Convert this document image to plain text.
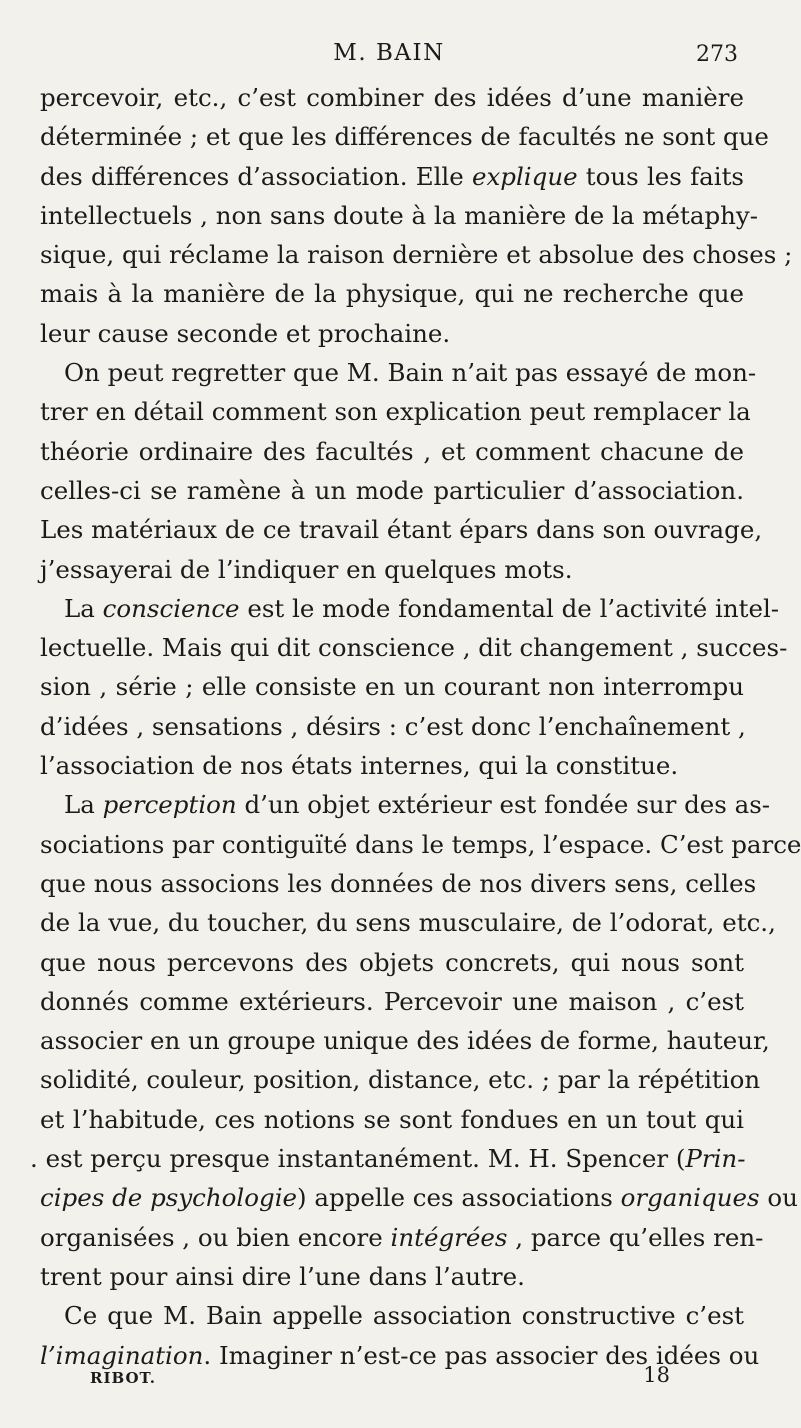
M. BAIN	273
percevoir, etc., c’est combiner des idées d’une manière
déterminée ; et que les différences de facultés ne sont que
des différences d’association. Elle explique tous les faits
intellectuels , non sans doute à la manière de la métaphy-
sique, qui réclame la raison dernière et absolue des choses ;
mais à la manière de la physique, qui ne recherche que
leur cause seconde et prochaine.
On peut regretter que M. Bain n’ait pas essayé de mon-
trer en détail comment son explication peut remplacer la
théorie ordinaire des facultés , et comment chacune de
celles-ci se ramène à un mode particulier d’association.
Les matériaux de ce travail étant épars dans son ouvrage,
j’essayerai de l’indiquer en quelques mots.
La conscience est le mode fondamental de l’activité intel-
lectuelle. Mais qui dit conscience , dit changement , succes-
sion , série ; elle consiste en un courant non interrompu
d’idées , sensations , désirs : c’est donc l’enchaînement ,
l’association de nos états internes, qui la constitue.
La perception d’un objet extérieur est fondée sur des as-
sociations par contiguïté dans le temps, l’espace. C’est parce
que nous associons les données de nos divers sens, celles
de la vue, du toucher, du sens musculaire, de l’odorat, etc.,
que nous percevons des objets concrets, qui nous sont
donnés comme extérieurs. Percevoir une maison , c’est
associer en un groupe unique des idées de forme, hauteur,
solidité, couleur, position, distance, etc. ; par la répétition
et l’habitude, ces notions se sont fondues en un tout qui
. est perçu presque instantanément. M. H. Spencer (Prin-
cipes de psychologie) appelle ces associations organiques ou
organisées , ou bien encore intégrées , parce qu’elles ren-
trent pour ainsi dire l’une dans l’autre.
Ce que M. Bain appelle association constructive c’est
l’imagination. Imaginer n’est-ce pas associer des idées ou
RIBOT.	18
